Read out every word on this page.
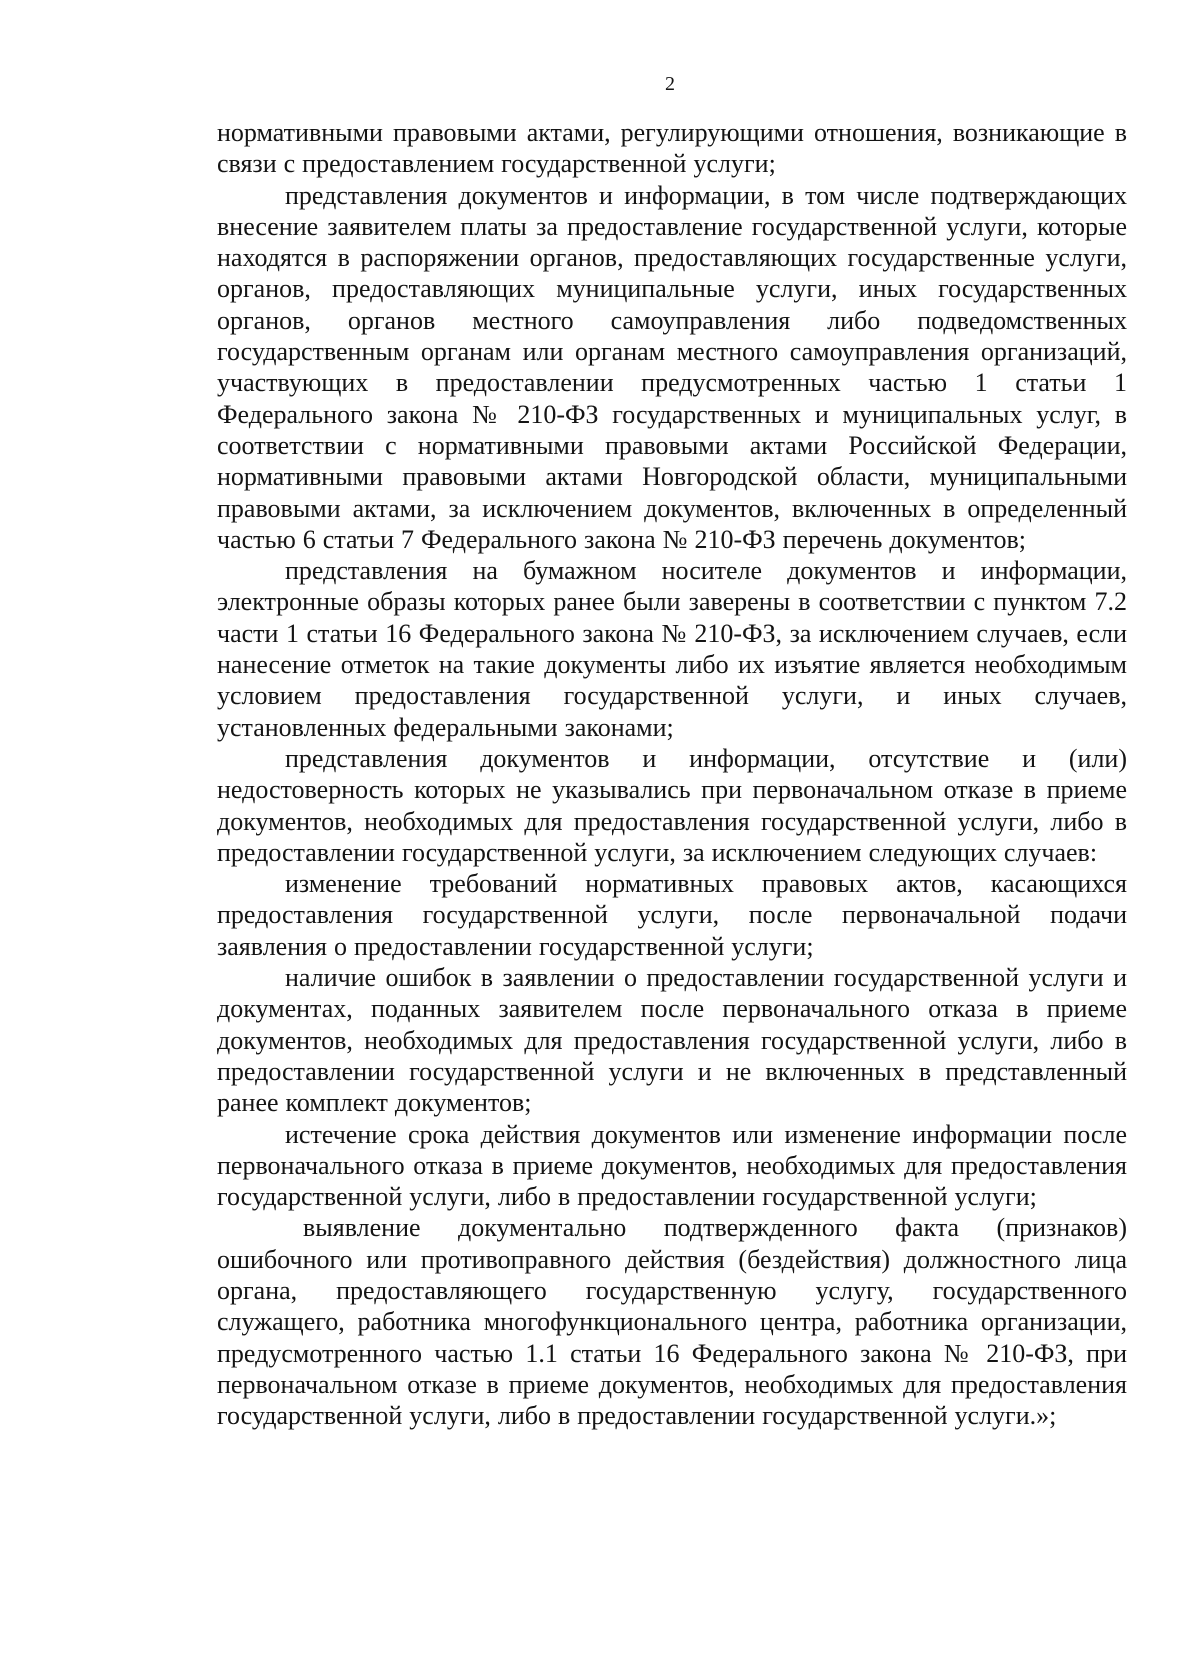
2

нормативными правовыми актами, регулирующими отношения, возникающие в связи с предоставлением государственной услуги;

представления документов и информации, в том числе подтверждающих внесение заявителем платы за предоставление государственной услуги, которые находятся в распоряжении органов, предоставляющих государственные услуги, органов, предоставляющих муниципальные услуги, иных государственных органов, органов местного самоуправления либо подведомственных государственным органам или органам местного самоуправления организаций, участвующих в предоставлении предусмотренных частью 1 статьи 1 Федерального закона № 210-ФЗ государственных и муниципальных услуг, в соответствии с нормативными правовыми актами Российской Федерации, нормативными правовыми актами Новгородской области, муниципальными правовыми актами, за исключением документов, включенных в определенный частью 6 статьи 7 Федерального закона № 210-ФЗ перечень документов;

представления на бумажном носителе документов и информации, электронные образы которых ранее были заверены в соответствии с пунктом 7.2 части 1 статьи 16 Федерального закона № 210-ФЗ, за исключением случаев, если нанесение отметок на такие документы либо их изъятие является необходимым условием предоставления государственной услуги, и иных случаев, установленных федеральными законами;

представления документов и информации, отсутствие и (или) недостоверность которых не указывались при первоначальном отказе в приеме документов, необходимых для предоставления государственной услуги, либо в предоставлении государственной услуги, за исключением следующих случаев:

изменение требований нормативных правовых актов, касающихся предоставления государственной услуги, после первоначальной подачи заявления о предоставлении государственной услуги;

наличие ошибок в заявлении о предоставлении государственной услуги и документах, поданных заявителем после первоначального отказа в приеме документов, необходимых для предоставления государственной услуги, либо в предоставлении государственной услуги и не включенных в представленный ранее комплект документов;

истечение срока действия документов или изменение информации после первоначального отказа в приеме документов, необходимых для предоставления государственной услуги, либо в предоставлении государственной услуги;

выявление документально подтвержденного факта (признаков) ошибочного или противоправного действия (бездействия) должностного лица органа, предоставляющего государственную услугу, государственного служащего, работника многофункционального центра, работника организации, предусмотренного частью 1.1 статьи 16 Федерального закона № 210-ФЗ, при первоначальном отказе в приеме документов, необходимых для предоставления государственной услуги, либо в предоставлении государственной услуги.»;
